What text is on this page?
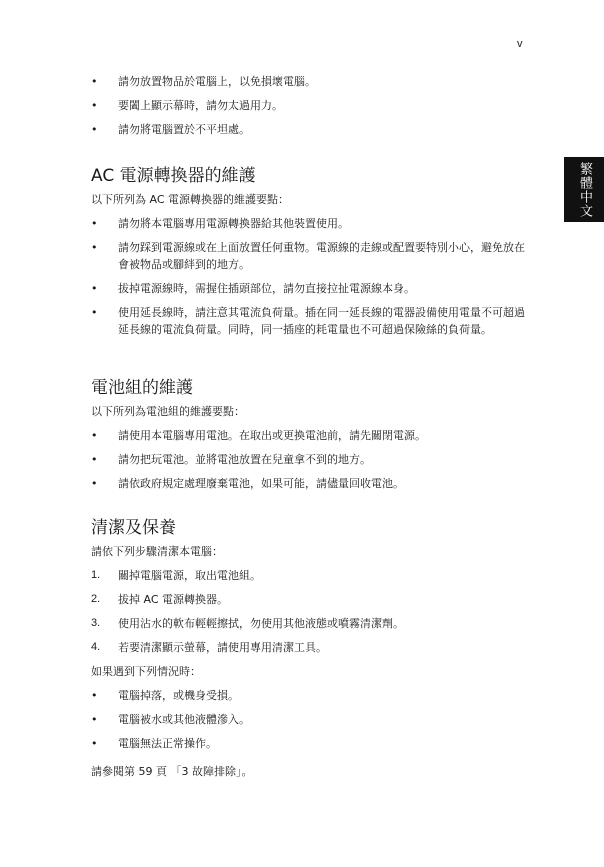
v
繁體中文
• 請勿放置物品於電腦上，以免損壞電腦。
• 要闔上顯示幕時，請勿太過用力。
• 請勿將電腦置於不平坦處。
AC 電源轉換器的維護

以下所列為 AC 電源轉換器的維護要點：

• 請勿將本電腦專用電源轉換器給其他裝置使用。
• 請勿踩到電源線或在上面放置任何重物。電源線的走線或配置要特別小心，避免放在會被物品或腳絆到的地方。
• 拔掉電源線時，需握住插頭部位，請勿直接拉扯電源線本身。
• 使用延長線時，請注意其電流負荷量。插在同一延長線的電器設備使用電量不可超過延長線的電流負荷量。同時，同一插座的耗電量也不可超過保險絲的負荷量。
電池組的維護

以下所列為電池組的維護要點：

• 請使用本電腦專用電池。在取出或更換電池前，請先關閉電源。
• 請勿把玩電池。並將電池放置在兒童拿不到的地方。
• 請依政府規定處理廢棄電池，如果可能，請儘量回收電池。
清潔及保養

請依下列步驟清潔本電腦：

1. 關掉電腦電源，取出電池組。
2. 拔掉 AC 電源轉換器。
3. 使用沾水的軟布輕輕擦拭，勿使用其他液態或噴霧清潔劑。
4. 若要清潔顯示螢幕，請使用專用清潔工具。

如果遇到下列情況時：

• 電腦掉落，或機身受損。
• 電腦被水或其他液體滲入。
• 電腦無法正常操作。

請參閱第 59 頁 「3 故障排除」。
